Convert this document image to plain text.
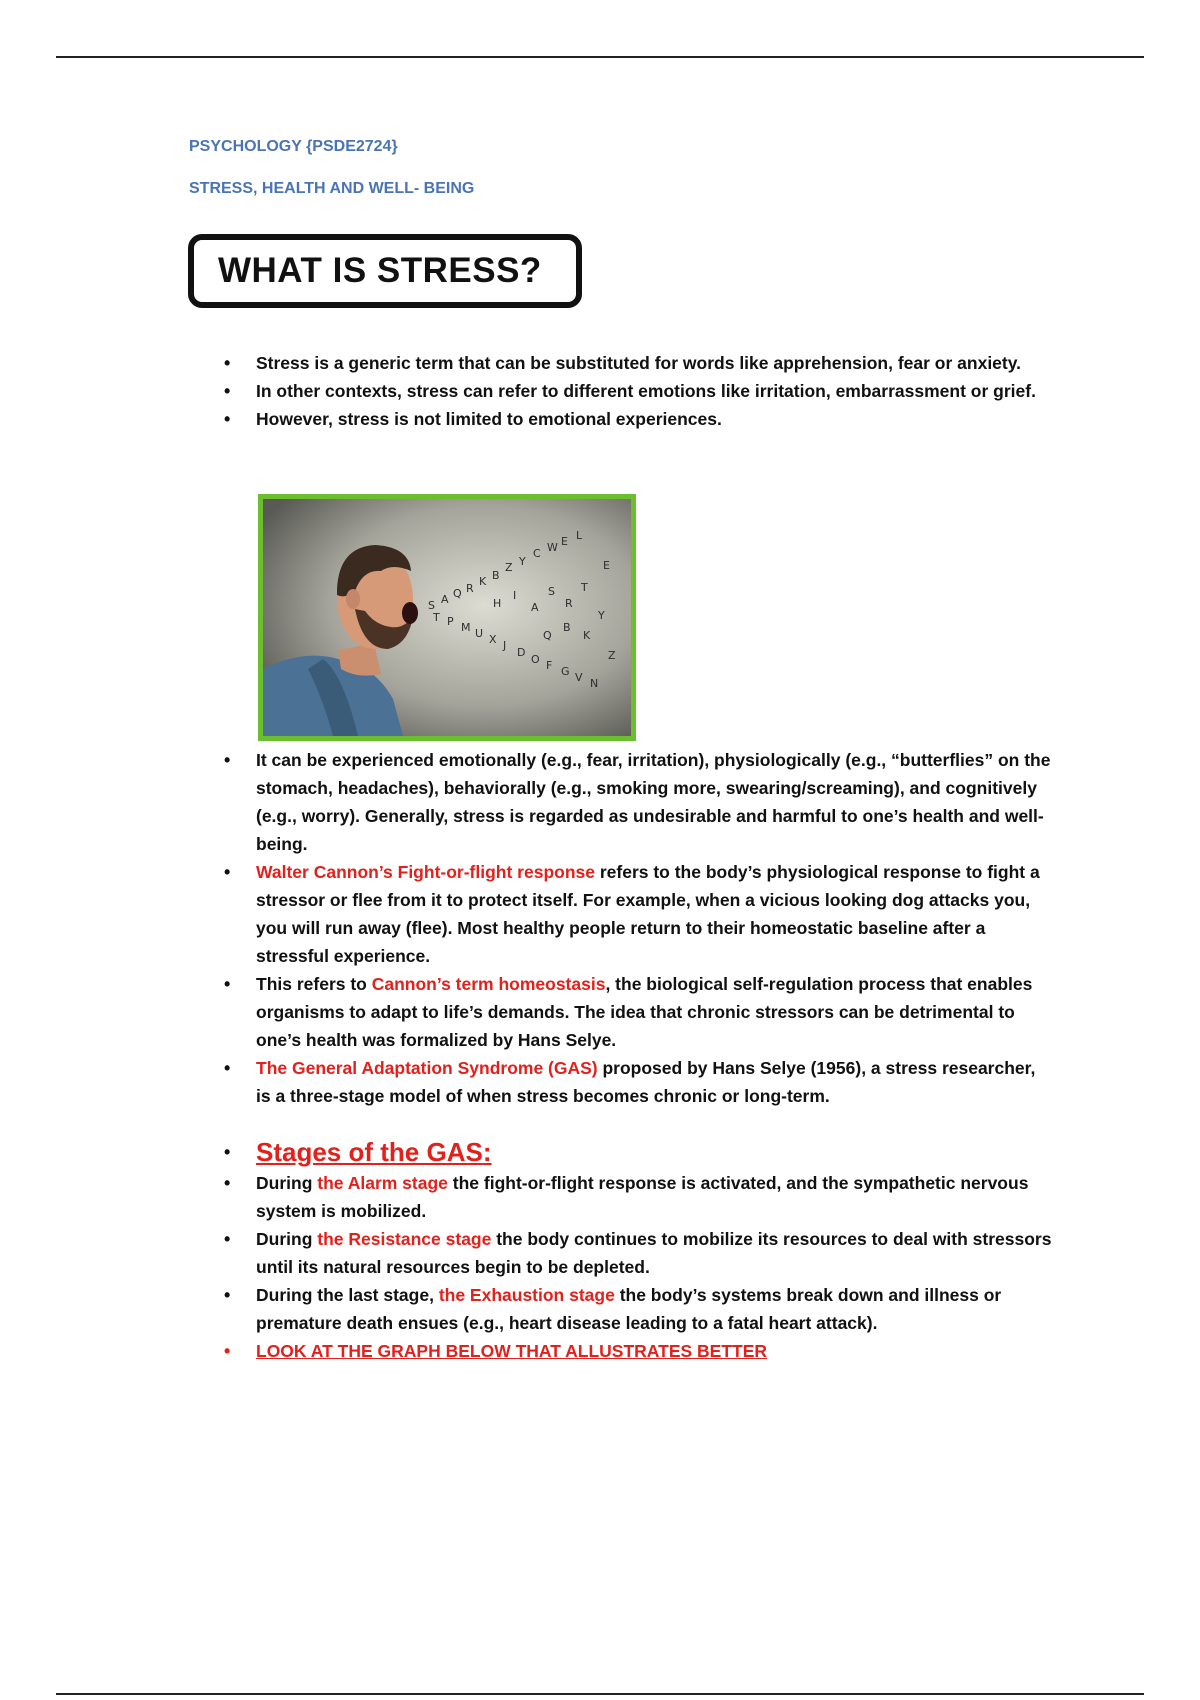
PSYCHOLOGY {PSDE2724}
STRESS, HEALTH AND WELL- BEING
WHAT IS STRESS?
• Stress is a generic term that can be substituted for words like apprehension, fear or anxiety.
• In other contexts, stress can refer to different emotions like irritation, embarrassment or grief.
• However, stress is not limited to emotional experiences.
S A Q R
K B
Z Y
C W E L
T P M U X J
D
O F G V N
H
I
A
S
R
T
Y
K
B
Q
E
Z
• It can be experienced emotionally (e.g., fear, irritation), physiologically (e.g., “butterflies” on the stomach, headaches), behaviorally (e.g., smoking more, swearing/screaming), and cognitively (e.g., worry). Generally, stress is regarded as undesirable and harmful to one’s health and well-being.
• Walter Cannon’s Fight-or-flight response refers to the body’s physiological response to fight a stressor or flee from it to protect itself. For example, when a vicious looking dog attacks you, you will run away (flee). Most healthy people return to their homeostatic baseline after a stressful experience.
• This refers to Cannon’s term homeostasis, the biological self-regulation process that enables organisms to adapt to life’s demands. The idea that chronic stressors can be detrimental to one’s health was formalized by Hans Selye.
• The General Adaptation Syndrome (GAS) proposed by Hans Selye (1956), a stress researcher, is a three-stage model of when stress becomes chronic or long-term.
• Stages of the GAS:
• During the Alarm stage the fight-or-flight response is activated, and the sympathetic nervous system is mobilized.
• During the Resistance stage the body continues to mobilize its resources to deal with stressors until its natural resources begin to be depleted.
• During the last stage, the Exhaustion stage the body’s systems break down and illness or premature death ensues (e.g., heart disease leading to a fatal heart attack).
• LOOK AT THE GRAPH BELOW THAT ALLUSTRATES BETTER
